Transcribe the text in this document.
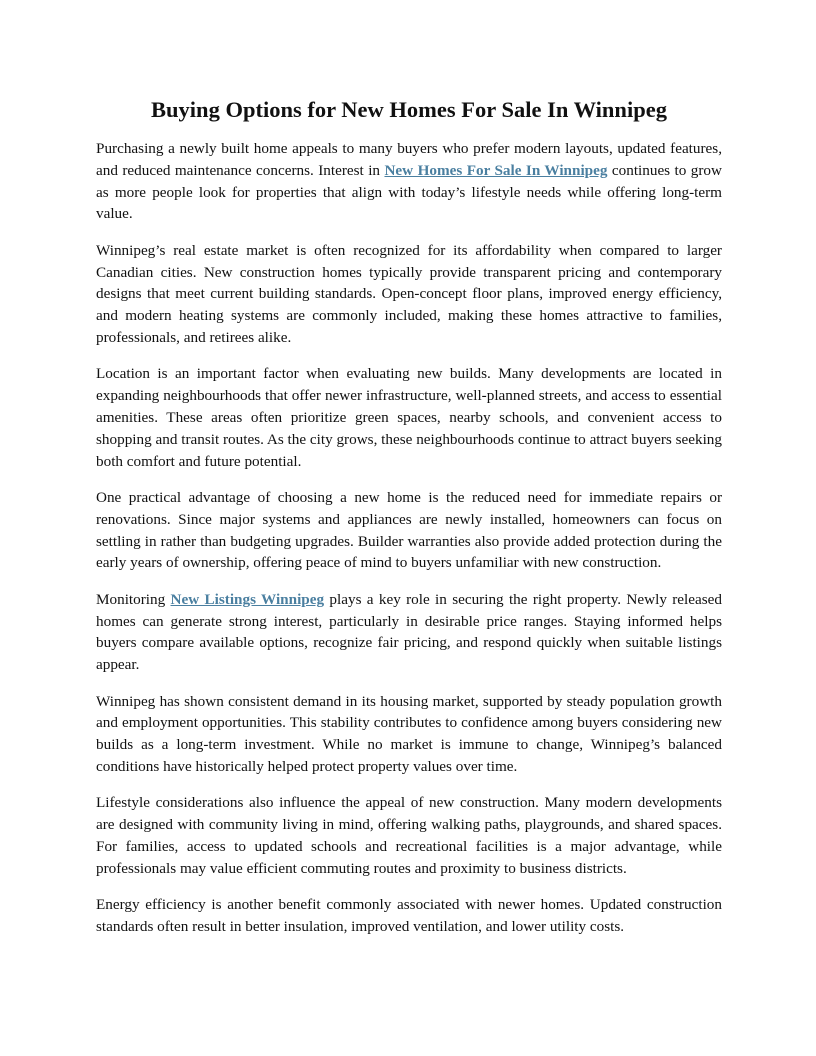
Buying Options for New Homes For Sale In Winnipeg

Purchasing a newly built home appeals to many buyers who prefer modern layouts, updated features, and reduced maintenance concerns. Interest in New Homes For Sale In Winnipeg continues to grow as more people look for properties that align with today’s lifestyle needs while offering long-term value.

Winnipeg’s real estate market is often recognized for its affordability when compared to larger Canadian cities. New construction homes typically provide transparent pricing and contemporary designs that meet current building standards. Open-concept floor plans, improved energy efficiency, and modern heating systems are commonly included, making these homes attractive to families, professionals, and retirees alike.

Location is an important factor when evaluating new builds. Many developments are located in expanding neighbourhoods that offer newer infrastructure, well-planned streets, and access to essential amenities. These areas often prioritize green spaces, nearby schools, and convenient access to shopping and transit routes. As the city grows, these neighbourhoods continue to attract buyers seeking both comfort and future potential.

One practical advantage of choosing a new home is the reduced need for immediate repairs or renovations. Since major systems and appliances are newly installed, homeowners can focus on settling in rather than budgeting upgrades. Builder warranties also provide added protection during the early years of ownership, offering peace of mind to buyers unfamiliar with new construction.

Monitoring New Listings Winnipeg plays a key role in securing the right property. Newly released homes can generate strong interest, particularly in desirable price ranges. Staying informed helps buyers compare available options, recognize fair pricing, and respond quickly when suitable listings appear.

Winnipeg has shown consistent demand in its housing market, supported by steady population growth and employment opportunities. This stability contributes to confidence among buyers considering new builds as a long-term investment. While no market is immune to change, Winnipeg’s balanced conditions have historically helped protect property values over time.

Lifestyle considerations also influence the appeal of new construction. Many modern developments are designed with community living in mind, offering walking paths, playgrounds, and shared spaces. For families, access to updated schools and recreational facilities is a major advantage, while professionals may value efficient commuting routes and proximity to business districts.

Energy efficiency is another benefit commonly associated with newer homes. Updated construction standards often result in better insulation, improved ventilation, and lower utility costs.
